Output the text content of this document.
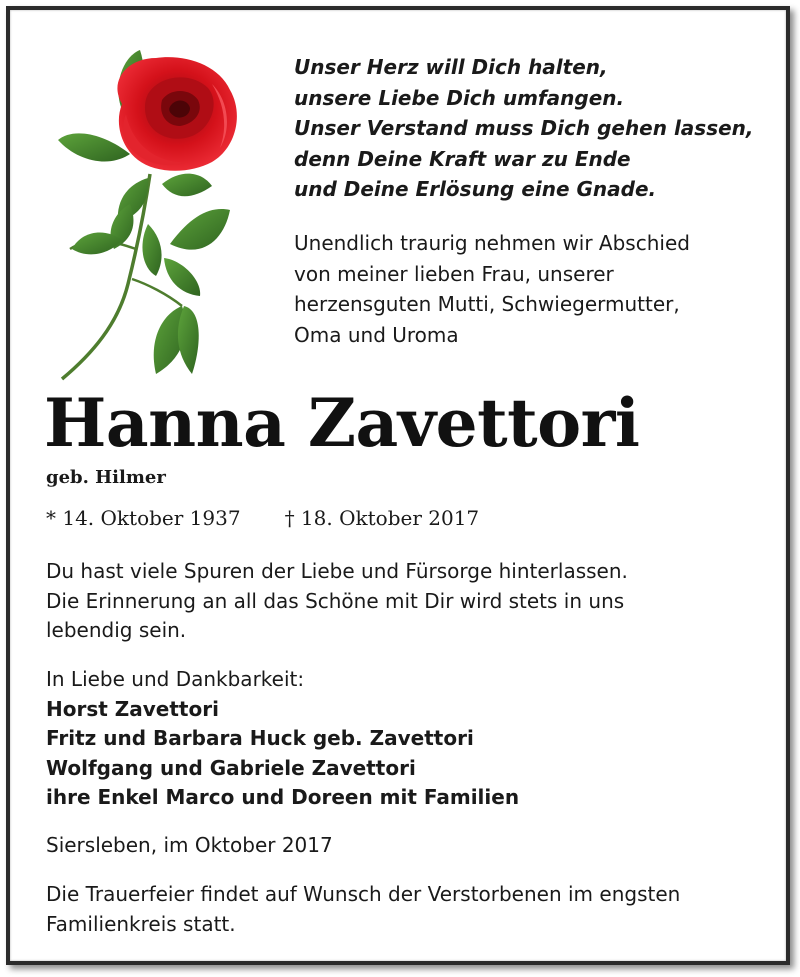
Unser Herz will Dich halten,
unsere Liebe Dich umfangen.
Unser Verstand muss Dich gehen lassen,
denn Deine Kraft war zu Ende
und Deine Erlösung eine Gnade.
Unendlich traurig nehmen wir Abschied
von meiner lieben Frau, unserer
herzensguten Mutti, Schwiegermutter,
Oma und Uroma
Hanna Zavettori
geb. Hilmer
* 14. Oktober 1937 † 18. Oktober 2017
Du hast viele Spuren der Liebe und Fürsorge hinterlassen.
Die Erinnerung an all das Schöne mit Dir wird stets in uns
lebendig sein.
In Liebe und Dankbarkeit:
Horst Zavettori
Fritz und Barbara Huck geb. Zavettori
Wolfgang und Gabriele Zavettori
ihre Enkel Marco und Doreen mit Familien
Siersleben, im Oktober 2017
Die Trauerfeier findet auf Wunsch der Verstorbenen im engsten
Familienkreis statt.
